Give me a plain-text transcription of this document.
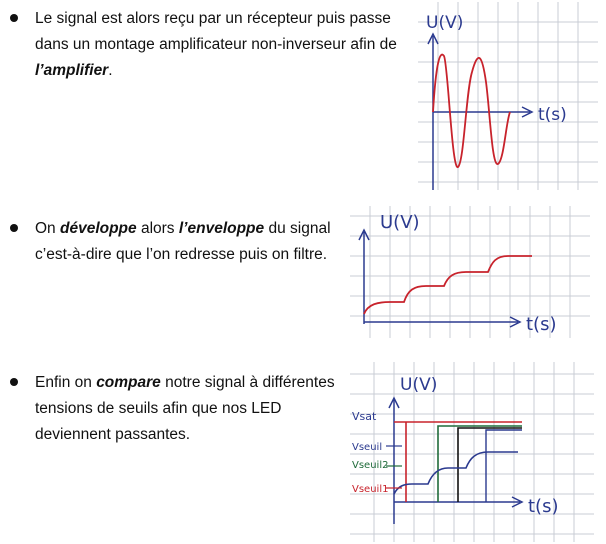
Le signal est alors reçu par un récepteur puis passe dans un montage amplificateur non-inverseur afin de l’amplifier.
U(V)
t(s)
On développe alors l’enveloppe du signal c’est-à-dire que l’on redresse puis on filtre.
U(V)
t(s)
Enfin on compare notre signal à différentes tensions de seuils afin que nos LED deviennent passantes.
U(V)
t(s)
Vsat
Vseuil
Vseuil2
Vseuil1
